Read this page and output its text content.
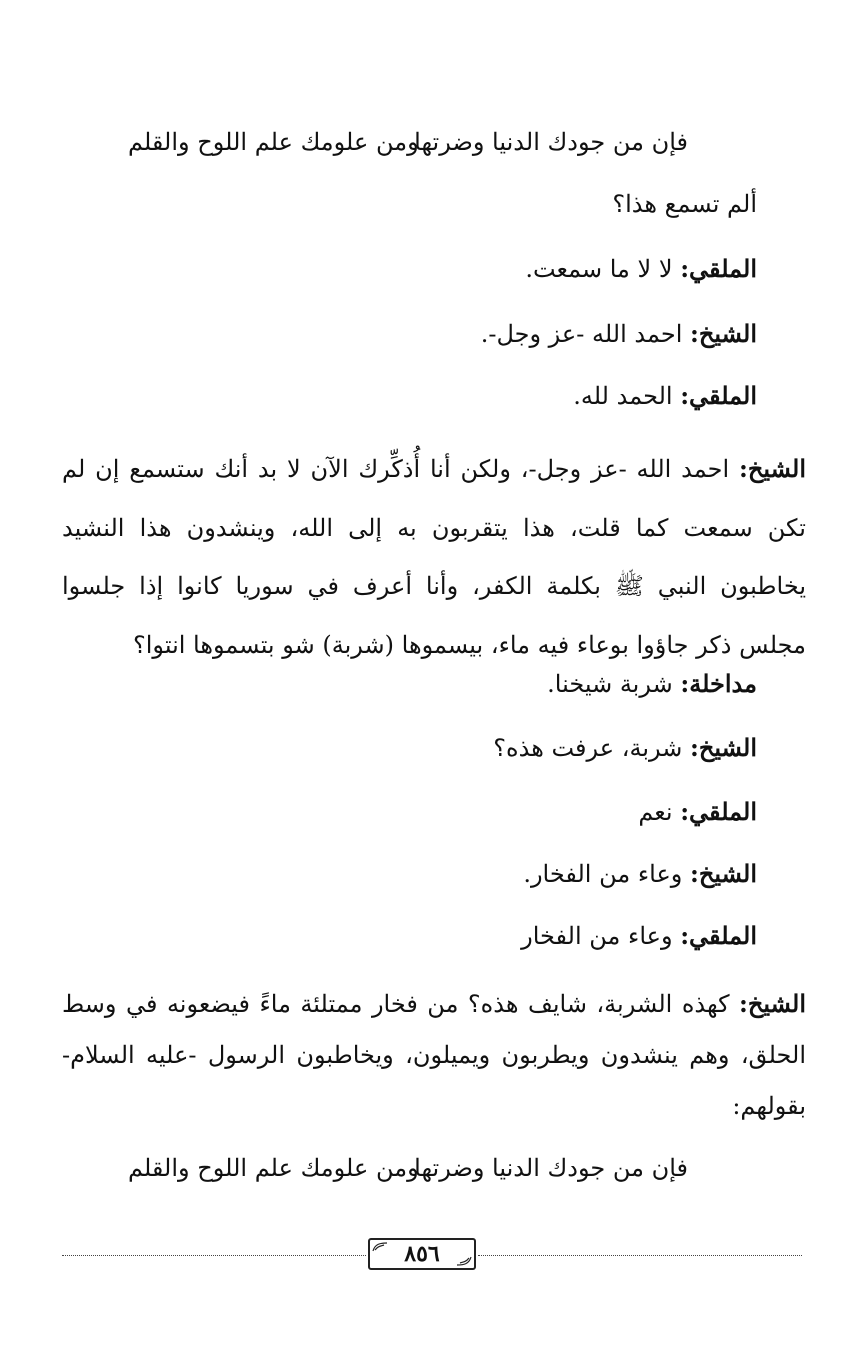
فإن من جودك الدنيا وضرتها
ومن علومك علم اللوح والقلم
ألم تسمع هذا؟
الملقي: لا لا ما سمعت.
الشيخ: احمد الله -عز وجل-.
الملقي: الحمد لله.
الشيخ: احمد الله -عز وجل-، ولكن أنا أُذكِّرك الآن لا بد أنك ستسمع إن لم تكن سمعت كما قلت، هذا يتقربون به إلى الله، وينشدون هذا النشيد يخاطبون النبي ﷺ بكلمة الكفر، وأنا أعرف في سوريا كانوا إذا جلسوا مجلس ذكر جاؤوا بوعاء فيه ماء، بيسموها (شربة) شو بتسموها انتوا؟
مداخلة: شربة شيخنا.
الشيخ: شربة، عرفت هذه؟
الملقي: نعم
الشيخ: وعاء من الفخار.
الملقي: وعاء من الفخار
الشيخ: كهذه الشربة، شايف هذه؟ من فخار ممتلئة ماءً فيضعونه في وسط الحلق، وهم ينشدون ويطربون ويميلون، ويخاطبون الرسول -عليه السلام- بقولهم:
فإن من جودك الدنيا وضرتها
ومن علومك علم اللوح والقلم
٨٥٦
